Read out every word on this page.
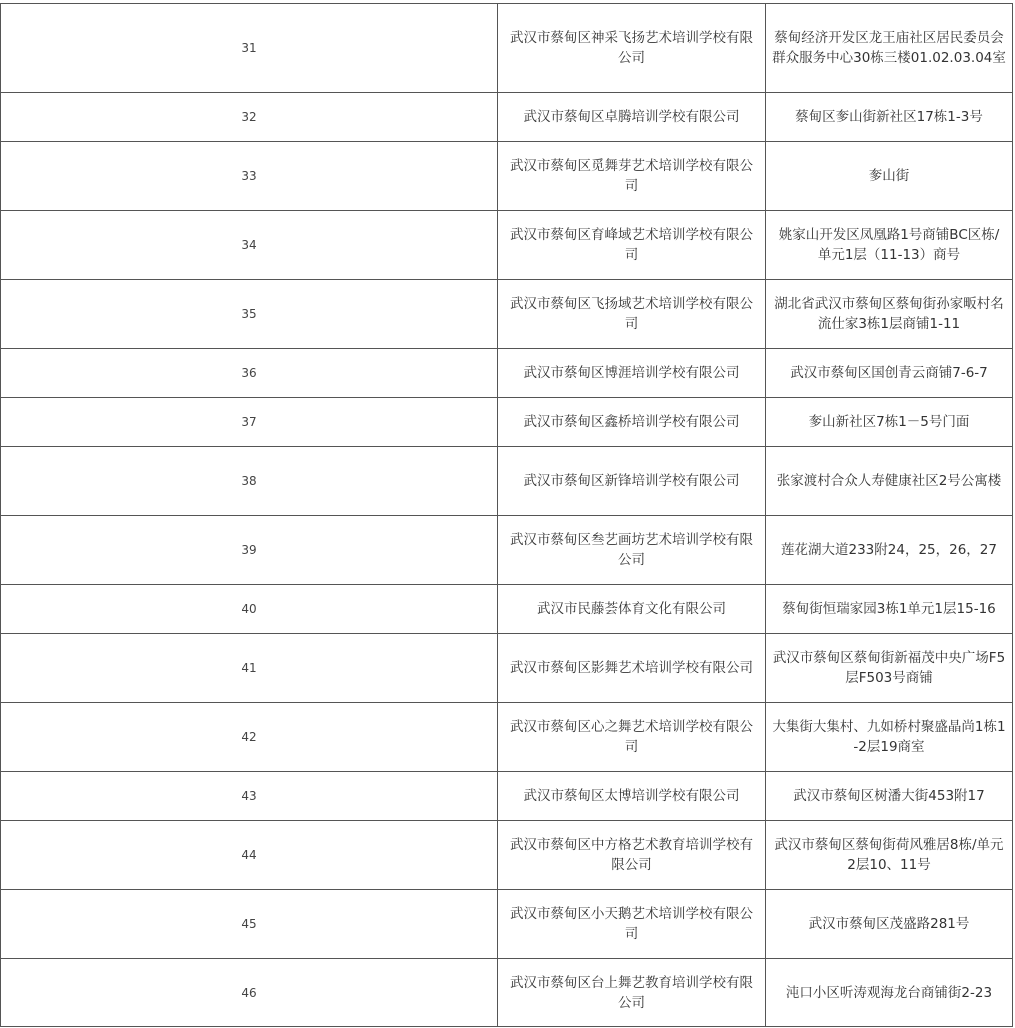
31	武汉市蔡甸区神采飞扬艺术培训学校有限公司	蔡甸经济开发区龙王庙社区居民委员会群众服务中心30栋三楼01.02.03.04室
32	武汉市蔡甸区卓腾培训学校有限公司	蔡甸区奓山街新社区17栋1-3号
33	武汉市蔡甸区觅舞芽艺术培训学校有限公司	奓山街
34	武汉市蔡甸区育峰域艺术培训学校有限公司	姚家山开发区凤凰路1号商铺BC区栋/单元1层（11-13）商号
35	武汉市蔡甸区飞扬域艺术培训学校有限公司	湖北省武汉市蔡甸区蔡甸街孙家畈村名流仕家3栋1层商铺1-11
36	武汉市蔡甸区博涯培训学校有限公司	武汉市蔡甸区国创青云商铺7-6-7
37	武汉市蔡甸区鑫桥培训学校有限公司	奓山新社区7栋1－5号门面
38	武汉市蔡甸区新锋培训学校有限公司	张家渡村合众人寿健康社区2号公寓楼
39	武汉市蔡甸区叁艺画坊艺术培训学校有限公司	莲花湖大道233附24，25，26，27
40	武汉市民藤荟体育文化有限公司	蔡甸街恒瑞家园3栋1单元1层15-16
41	武汉市蔡甸区影舞艺术培训学校有限公司	武汉市蔡甸区蔡甸街新福茂中央广场F5层F503号商铺
42	武汉市蔡甸区心之舞艺术培训学校有限公司	大集街大集村、九如桥村聚盛晶尚1栋1-2层19商室
43	武汉市蔡甸区太博培训学校有限公司	武汉市蔡甸区树潘大街453附17
44	武汉市蔡甸区中方格艺术教育培训学校有限公司	武汉市蔡甸区蔡甸街荷风雅居8栋/单元2层10、11号
45	武汉市蔡甸区小天鹅艺术培训学校有限公司	武汉市蔡甸区茂盛路281号
46	武汉市蔡甸区台上舞艺教育培训学校有限公司	沌口小区听涛观海龙台商铺街2-23
